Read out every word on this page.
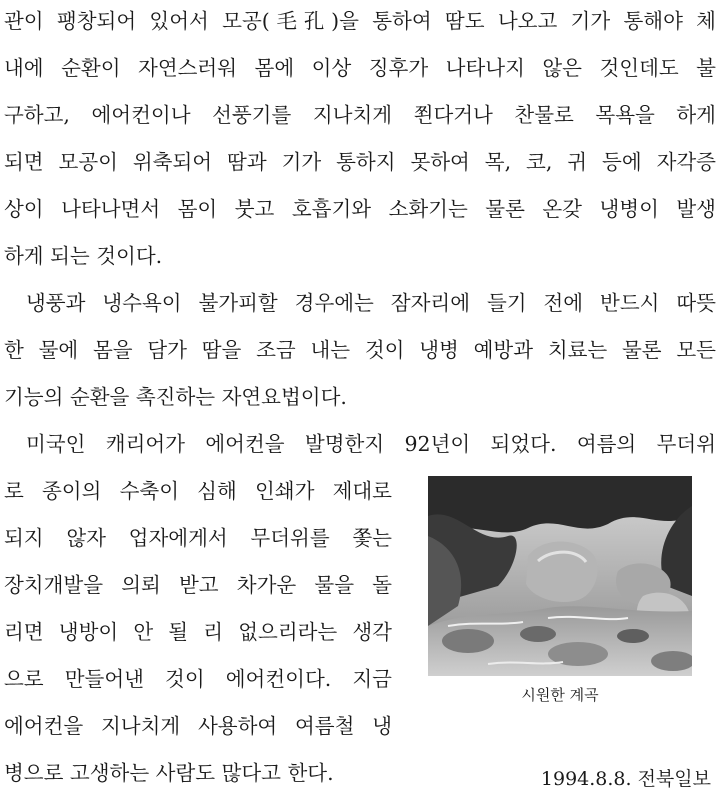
관이 팽창되어 있어서 모공(毛孔)을 통하여 땀도 나오고 기가 통해야 체
내에 순환이 자연스러워 몸에 이상 징후가 나타나지 않은 것인데도 불
구하고, 에어컨이나 선풍기를 지나치게 쬔다거나 찬물로 목욕을 하게
되면 모공이 위축되어 땀과 기가 통하지 못하여 목, 코, 귀 등에 자각증
상이 나타나면서 몸이 붓고 호흡기와 소화기는 물론 온갖 냉병이 발생
하게 되는 것이다.
냉풍과 냉수욕이 불가피할 경우에는 잠자리에 들기 전에 반드시 따뜻
한 물에 몸을 담가 땀을 조금 내는 것이 냉병 예방과 치료는 물론 모든
기능의 순환을 촉진하는 자연요법이다.
미국인 캐리어가 에어컨을 발명한지 92년이 되었다. 여름의 무더위
로 종이의 수축이 심해 인쇄가 제대로
되지 않자 업자에게서 무더위를 쫓는
장치개발을 의뢰 받고 차가운 물을 돌
리면 냉방이 안 될 리 없으리라는 생각
으로 만들어낸 것이 에어컨이다. 지금
에어컨을 지나치게 사용하여 여름철 냉
병으로 고생하는 사람도 많다고 한다.
시원한 계곡
1994.8.8. 전북일보
